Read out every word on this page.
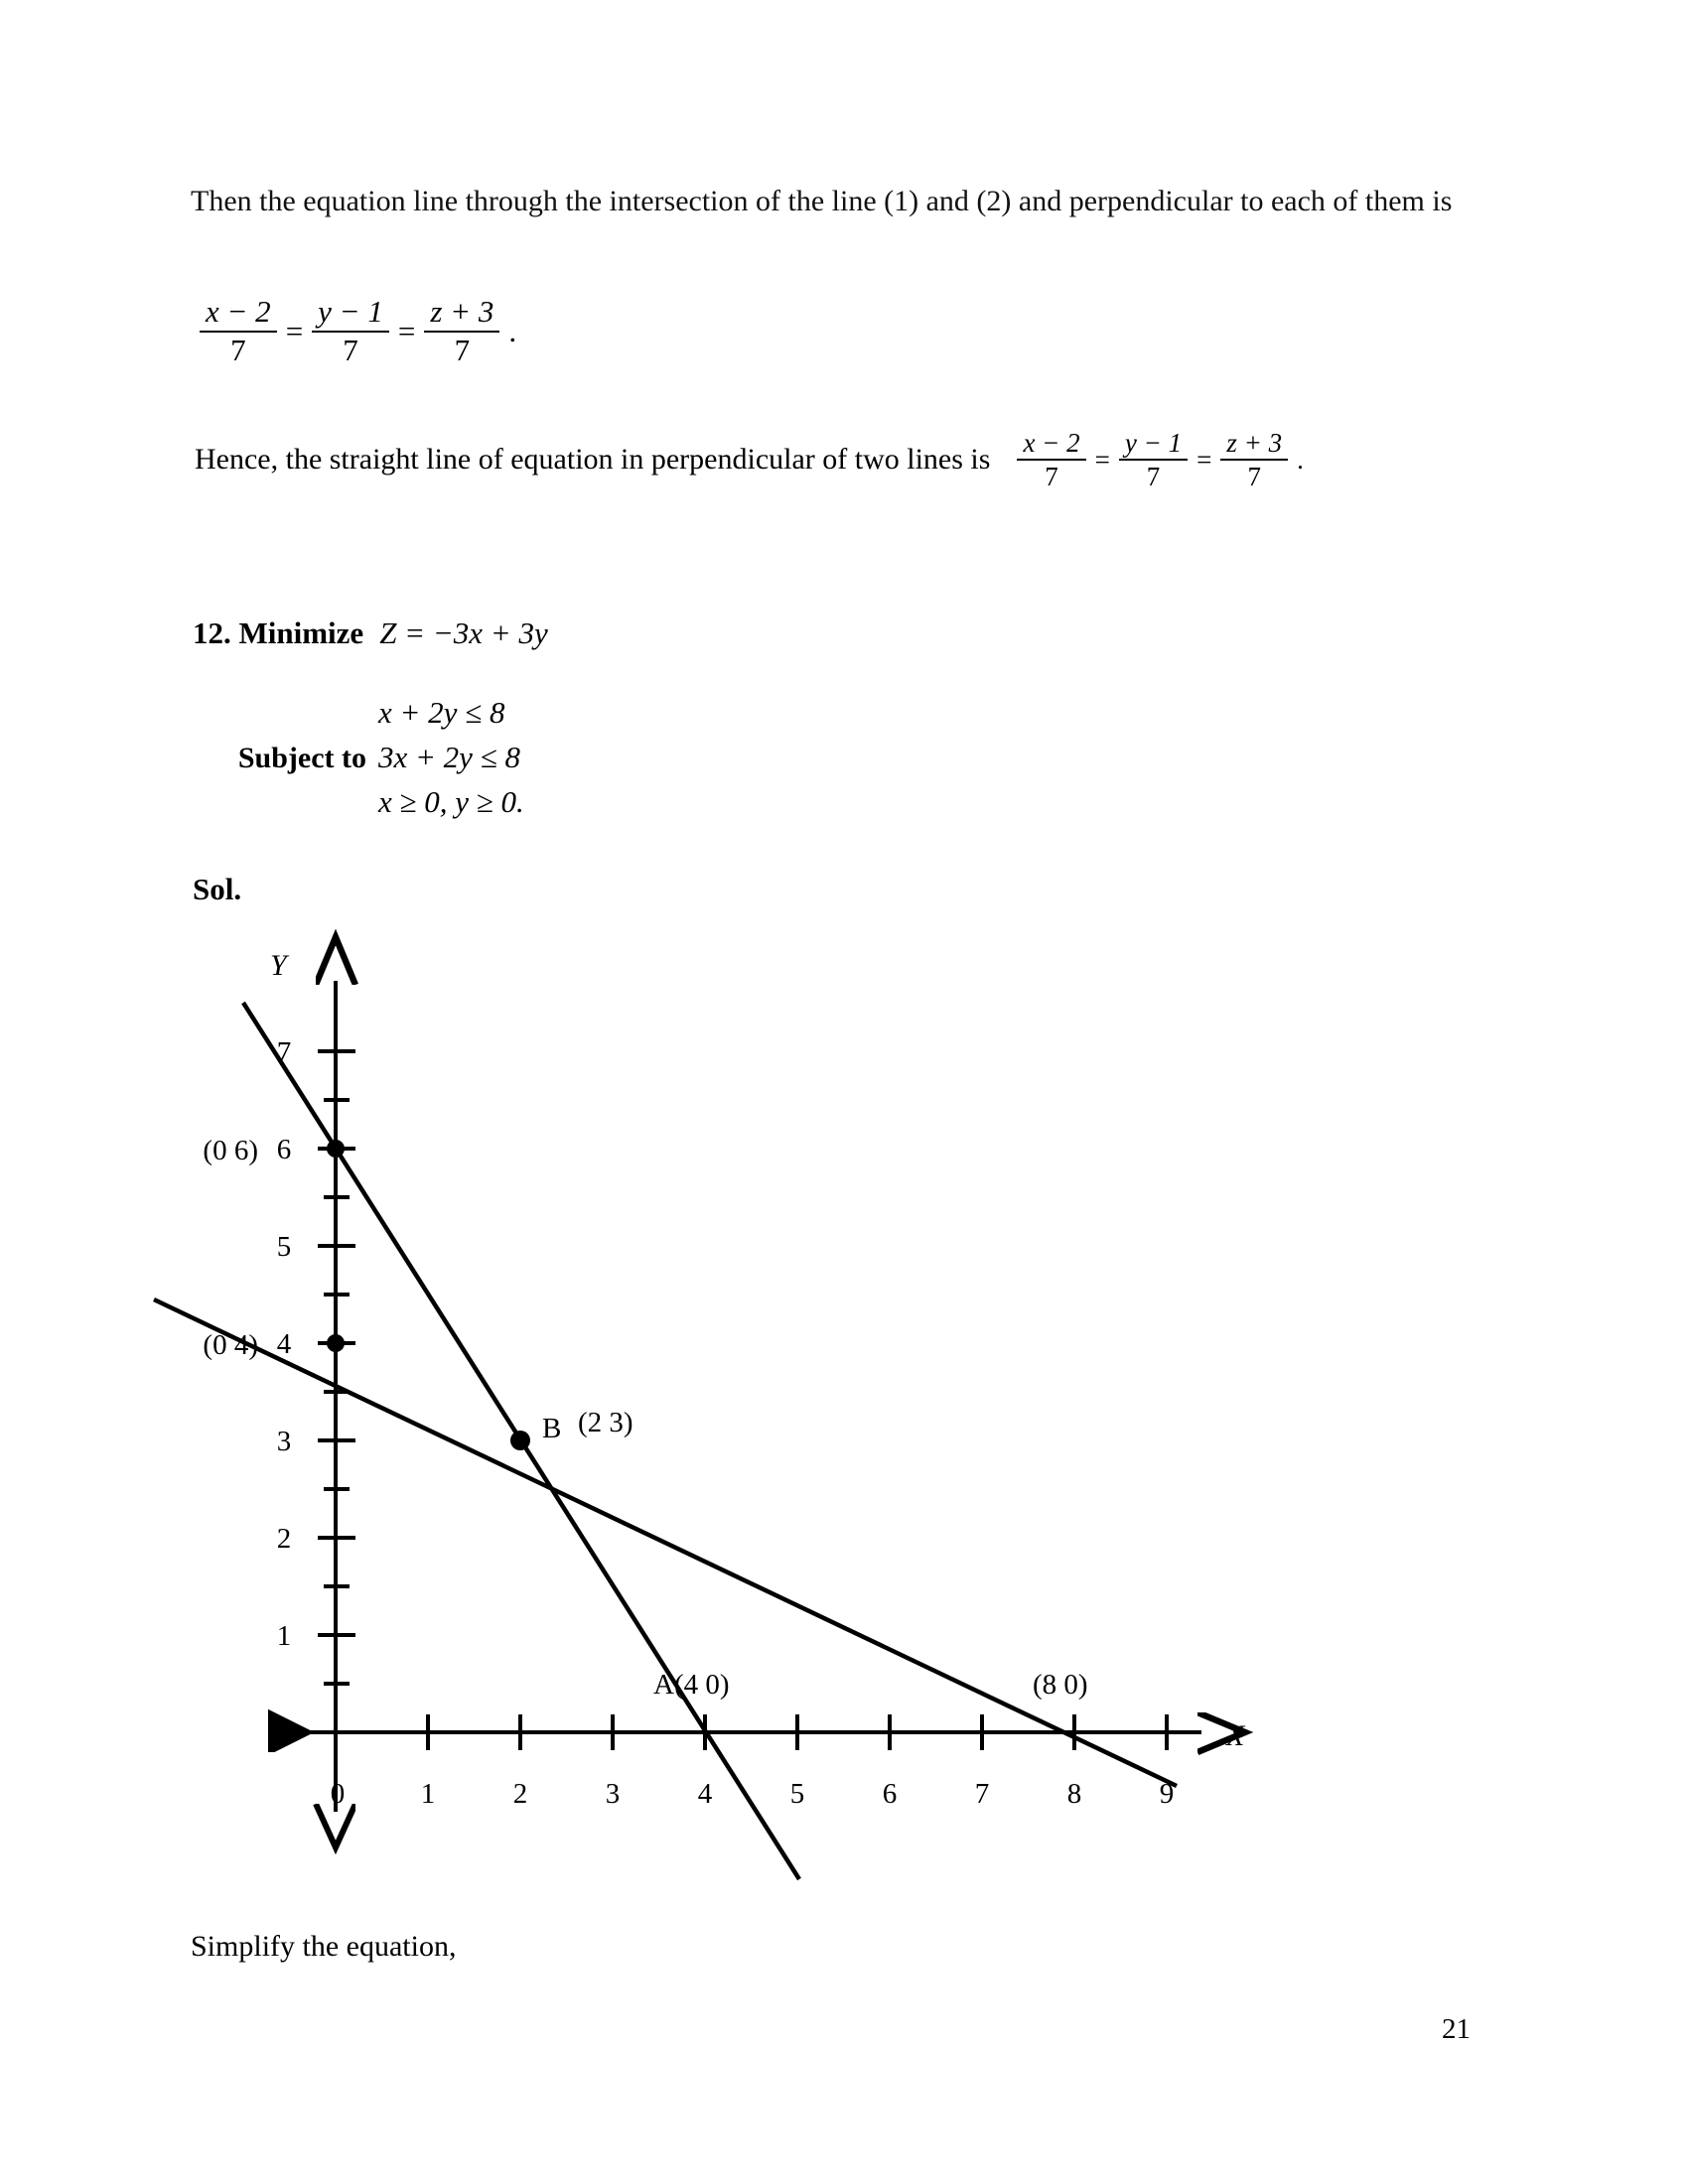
Then the equation line through the intersection of the line (1) and (2) and perpendicular to each of them is
$\frac{x - 2}{7} = \frac{y - 1}{7} = \frac{z + 3}{7}$ .
Hence, the straight line of equation in perpendicular of two lines is $\frac{x - 2}{7} = \frac{y - 1}{7} = \frac{z + 3}{7}$ .
12. Minimize Z = −3x + 3y
x + 2y ≤ 8
Subject to 3x + 2y ≤ 8
x ≥ 0, y ≥ 0.
Sol.
Y
X
7
6
5
4
3
2
1
1	2	3	4	5	6	7	8	9
0
(0 6)
(0 4)
B (2 3)
A(4 0)	(8 0)
Simplify the equation,
21
